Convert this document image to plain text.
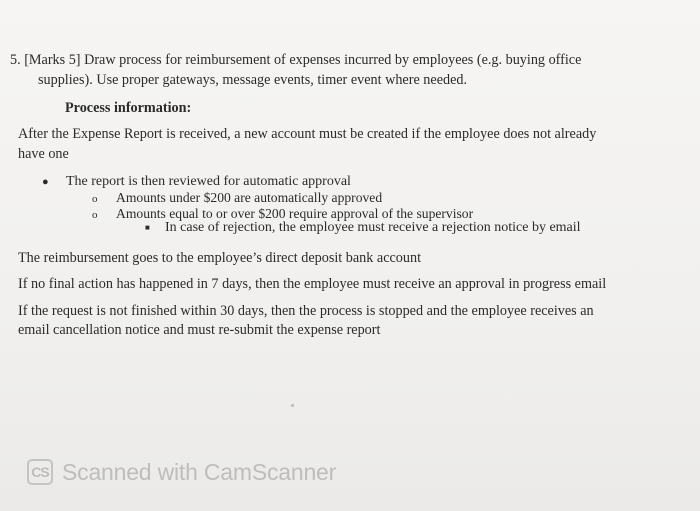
5. [Marks 5] Draw process for reimbursement of expenses incurred by employees (e.g. buying office
supplies). Use proper gateways, message events, timer event where needed.
Process information:
After the Expense Report is received, a new account must be created if the employee does not already
have one
● The report is then reviewed for automatic approval
o Amounts under $200 are automatically approved
o Amounts equal to or over $200 require approval of the supervisor
■ In case of rejection, the employee must receive a rejection notice by email
The reimbursement goes to the employee’s direct deposit bank account
If no final action has happened in 7 days, then the employee must receive an approval in progress email
If the request is not finished within 30 days, then the process is stopped and the employee receives an
email cancellation notice and must re-submit the expense report
CS Scanned with CamScanner
